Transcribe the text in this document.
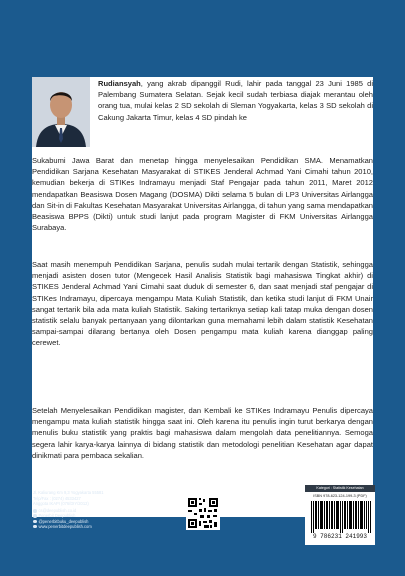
Rudiansyah, yang akrab dipanggil Rudi, lahir pada tanggal 23 Juni 1985 di Palembang Sumatera Selatan. Sejak kecil sudah terbiasa diajak merantau oleh orang tua, mulai kelas 2 SD sekolah di Sleman Yogyakarta, kelas 3 SD sekolah di Cakung Jakarta Timur, kelas 4 SD pindah ke

Sukabumi Jawa Barat dan menetap hingga menyelesaikan Pendidikan SMA. Menamatkan Pendidikan Sarjana Kesehatan Masyarakat di STIKES Jenderal Achmad Yani Cimahi tahun 2010, kemudian bekerja di STIKes Indramayu menjadi Staf Pengajar pada tahun 2011, Maret 2012 mendapatkan Beasiswa Dosen Magang (DOSMA) Dikti selama 5 bulan di LP3 Universitas Airlangga dan Sit-in di Fakultas Kesehatan Masyarakat Universitas Airlangga, di tahun yang sama mendapatkan Beasiswa BPPS (Dikti) untuk studi lanjut pada program Magister di FKM Universitas Airlangga Surabaya.

Saat masih menempuh Pendidikan Sarjana, penulis sudah mulai tertarik dengan Statistik, sehingga menjadi asisten dosen tutor (Mengecek Hasil Analisis Statistik bagi mahasiswa Tingkat akhir) di STIKES Jenderal Achmad Yani Cimahi saat duduk di semester 6, dan saat menjadi staf pengajar di STIKes Indramayu, dipercaya mengampu Mata Kuliah Statistik, dan ketika studi lanjut di FKM Unair sangat tertarik bila ada mata kuliah Statistik. Saking tertariknya setiap kali tatap muka dengan dosen statistik selalu banyak pertanyaan yang dilontarkan guna memahami lebih dalam statistik Kesehatan sampai-sampai dilarang bertanya oleh Dosen pengampu mata kuliah karena dianggap paling cerewet.

Setelah Menyelesaikan Pendidikan magister, dan Kembali ke STIKes Indramayu Penulis dipercaya mengampu mata kuliah statistik hingga saat ini. Oleh karena itu penulis ingin turut berkarya dengan menulis buku statistik yang praktis bagi mahasiswa dalam mengolah data penelitiannya. Semoga segera lahir karya-karya lainnya di bidang statistik dan metodologi penelitian Kesehatan agar dapat dinikmati para pembaca sekalian.

Penerbit Deepublish (CV BUDI UTAMA)
Jl. Kaliurang Km 9,3 Yogyakarta 55581
Telp/Fax : (0274) 4533427
Anggota IKAPI (076/DIY/2012)
cs@deepublish.co.id
Penerbit Deepublish
@penerbitbuku_deepublish
www.penerbitdeepublish.com
Kategori : Statistik Kesehatan
ISBN 978-623-124-199-3 (PDF)
9 786231 241993
